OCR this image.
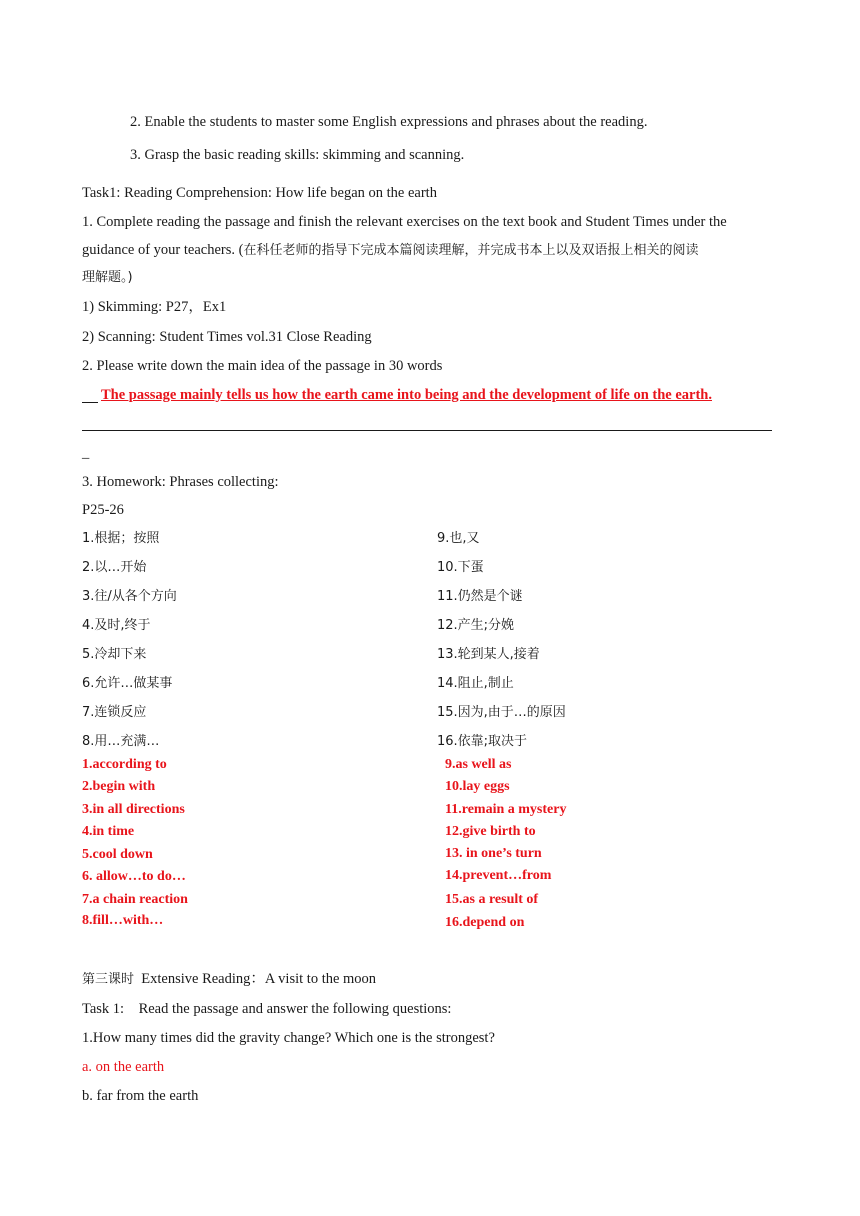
2. Enable the students to master some English expressions and phrases about the reading.
3. Grasp the basic reading skills: skimming and scanning.
Task1: Reading Comprehension: How life began on the earth
1. Complete reading the passage and finish the relevant exercises on the text book and Student Times under the
guidance of your teachers. (在科任老师的指导下完成本篇阅读理解，并完成书本上以及双语报上相关的阅读
理解题。)
1) Skimming: P27，Ex1
2) Scanning: Student Times vol.31 Close Reading
2. Please write down the main idea of the passage in 30 words
The passage mainly tells us how the earth came into being and the development of life on the earth.
_
3. Homework: Phrases collecting:
P25-26
1.根据；按照	9.也,又
2.以…开始	10.下蛋
3.往/从各个方向	11.仍然是个谜
4.及时,终于	12.产生;分娩
5.冷却下来	13.轮到某人,接着
6.允许…做某事	14.阻止,制止
7.连锁反应	15.因为,由于…的原因
8.用…充满…	16.依靠;取决于
1.according to	9.as well as
2.begin with	10.lay eggs
3.in all directions	11.remain a mystery
4.in time	12.give birth to
5.cool down	13. in one’s turn
6. allow…to do…	14.prevent…from
7.a chain reaction	15.as a result of
8.fill…with…	16.depend on
第三课时 Extensive Reading：A visit to the moon
Task 1:    Read the passage and answer the following questions:
1.How many times did the gravity change? Which one is the strongest?
a. on the earth
b. far from the earth
